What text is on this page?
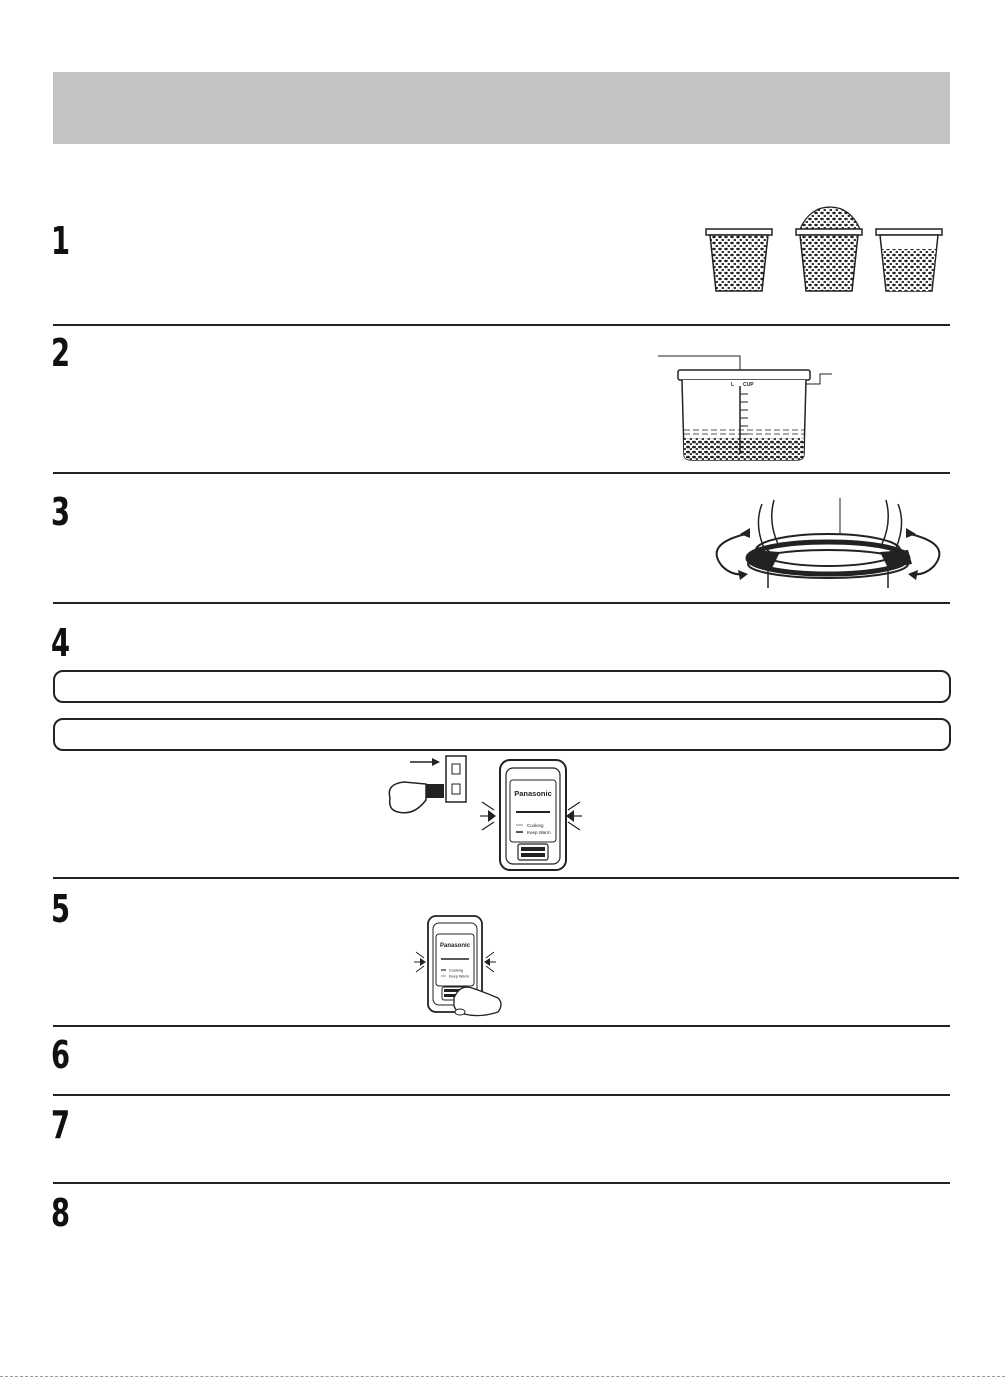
1
2
3
4
5
6
7
8
L CUP
Panasonic
Cooking
Keep Warm
Panasonic
Cooking
Keep Warm
